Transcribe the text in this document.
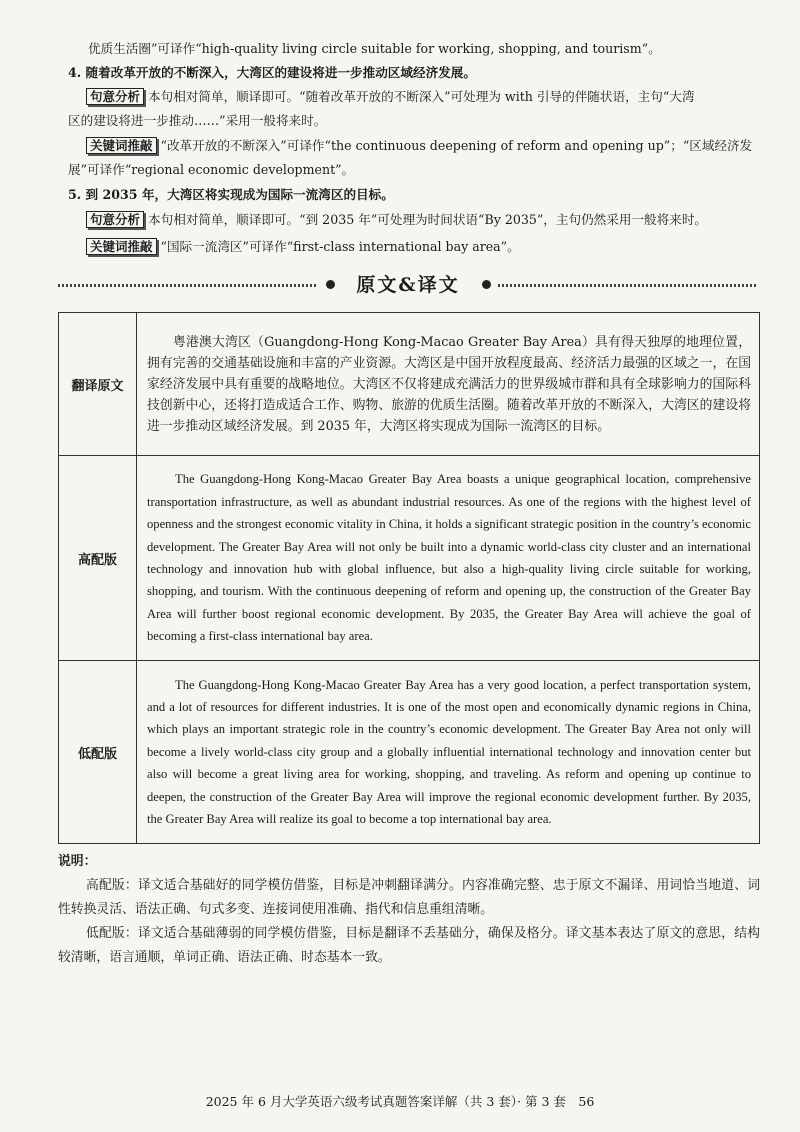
优质生活圈”可译作“high-quality living circle suitable for working, shopping, and tourism”。
4. 随着改革开放的不断深入，大湾区的建设将进一步推动区域经济发展。
句意分析 本句相对简单，顺译即可。“随着改革开放的不断深入”可处理为 with 引导的伴随状语，主句“大湾
区的建设将进一步推动……”采用一般将来时。
关键词推敲 “改革开放的不断深入”可译作“the continuous deepening of reform and opening up”；“区域经济发
展”可译作“regional economic development”。
5. 到 2035 年，大湾区将实现成为国际一流湾区的目标。
句意分析 本句相对简单，顺译即可。“到 2035 年”可处理为时间状语“By 2035”，主句仍然采用一般将来时。
关键词推敲 “国际一流湾区”可译作“first-class international bay area”。
原文&译文
翻译原文	粤港澳大湾区（Guangdong-Hong Kong-Macao Greater Bay Area）具有得天独厚的地理位置，拥有完善的交通基础设施和丰富的产业资源。大湾区是中国开放程度最高、经济活力最强的区域之一，在国家经济发展中具有重要的战略地位。大湾区不仅将建成充满活力的世界级城市群和具有全球影响力的国际科技创新中心，还将打造成适合工作、购物、旅游的优质生活圈。随着改革开放的不断深入，大湾区的建设将进一步推动区域经济发展。到 2035 年，大湾区将实现成为国际一流湾区的目标。

高配版	The Guangdong-Hong Kong-Macao Greater Bay Area boasts a unique geographical location, comprehensive transportation infrastructure, as well as abundant industrial resources. As one of the regions with the highest level of openness and the strongest economic vitality in China, it holds a significant strategic position in the country’s economic development. The Greater Bay Area will not only be built into a dynamic world-class city cluster and an international technology and innovation hub with global influence, but also a high-quality living circle suitable for working, shopping, and tourism. With the continuous deepening of reform and opening up, the construction of the Greater Bay Area will further boost regional economic development. By 2035, the Greater Bay Area will achieve the goal of becoming a first-class international bay area.

低配版	The Guangdong-Hong Kong-Macao Greater Bay Area has a very good location, a perfect transportation system, and a lot of resources for different industries. It is one of the most open and economically dynamic regions in China, which plays an important strategic role in the country’s economic development. The Greater Bay Area not only will become a lively world-class city group and a globally influential international technology and innovation center but also will become a great living area for working, shopping, and traveling. As reform and opening up continue to deepen, the construction of the Greater Bay Area will improve the regional economic development further. By 2035, the Greater Bay Area will realize its goal to become a top international bay area.
说明：

高配版：译文适合基础好的同学模仿借鉴，目标是冲刺翻译满分。内容准确完整、忠于原文不漏译、用词恰当地道、词性转换灵活、语法正确、句式多变、连接词使用准确、指代和信息重组清晰。

低配版：译文适合基础薄弱的同学模仿借鉴，目标是翻译不丢基础分，确保及格分。译文基本表达了原文的意思，结构较清晰，语言通顺，单词正确、语法正确、时态基本一致。

2025 年 6 月大学英语六级考试真题答案详解（共 3 套）· 第 3 套　56
